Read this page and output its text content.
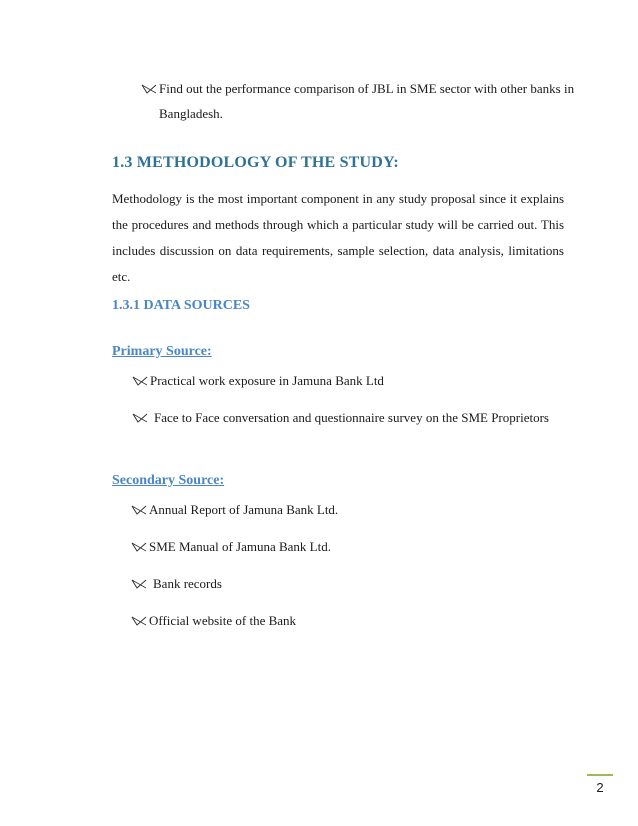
Find out the performance comparison of JBL in SME sector with other banks in
Bangladesh.
1.3 METHODOLOGY OF THE STUDY:
Methodology is the most important component in any study proposal since it explains the procedures and methods through which a particular study will be carried out. This includes discussion on data requirements, sample selection, data analysis, limitations etc.
1.3.1 DATA SOURCES
Primary Source:
Practical work exposure in Jamuna Bank Ltd
Face to Face conversation and questionnaire survey on the SME Proprietors
Secondary Source:
Annual Report of Jamuna Bank Ltd.
SME Manual of Jamuna Bank Ltd.
Bank records
Official website of the Bank
2
